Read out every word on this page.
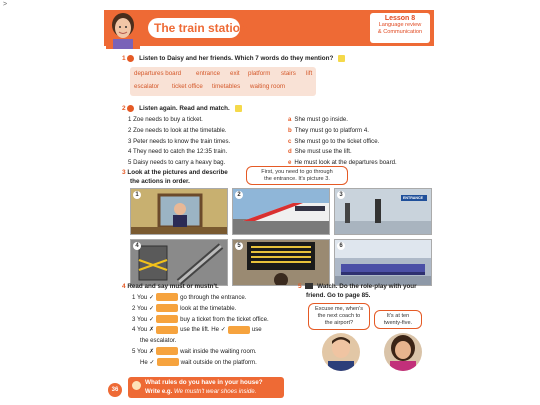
>
The train station
Lesson 8
Language review
& Communication
1 Listen to Daisy and her friends. Which 7 words do they mention?
departures board entrance exit platform stairs lift
escalator ticket office timetables waiting room
2 Listen again. Read and match.
1 Zoe needs to buy a ticket.
2 Zoe needs to look at the timetable.
3 Peter needs to know the train times.
4 They need to catch the 12:35 train.
5 Daisy needs to carry a heavy bag.
a She must go inside.
b They must go to platform 4.
c She must go to the ticket office.
d She must use the lift.
e He must look at the departures board.
3 Look at the pictures and describe
the actions in order.
First, you need to go through
the entrance. It's picture 3.
1	2	ENTRANCE
3
4	5	6
4 Read and say must or mustn't.
1 You ✓	go through the entrance.
2 You ✓	look at the timetable.
3 You ✓	buy a ticket from the ticket office.
4 You ✗	use the lift. He ✓	use
the escalator.
5 You ✗	wait inside the waiting room.
He ✓	wait outside on the platform.
5 Watch. Do the role-play with your
friend. Go to page 85.
Excuse me, when's
the next coach to
the airport?
It's at ten
twenty-five.
36
What rules do you have in your house?
Write e.g. We mustn't wear shoes inside.
